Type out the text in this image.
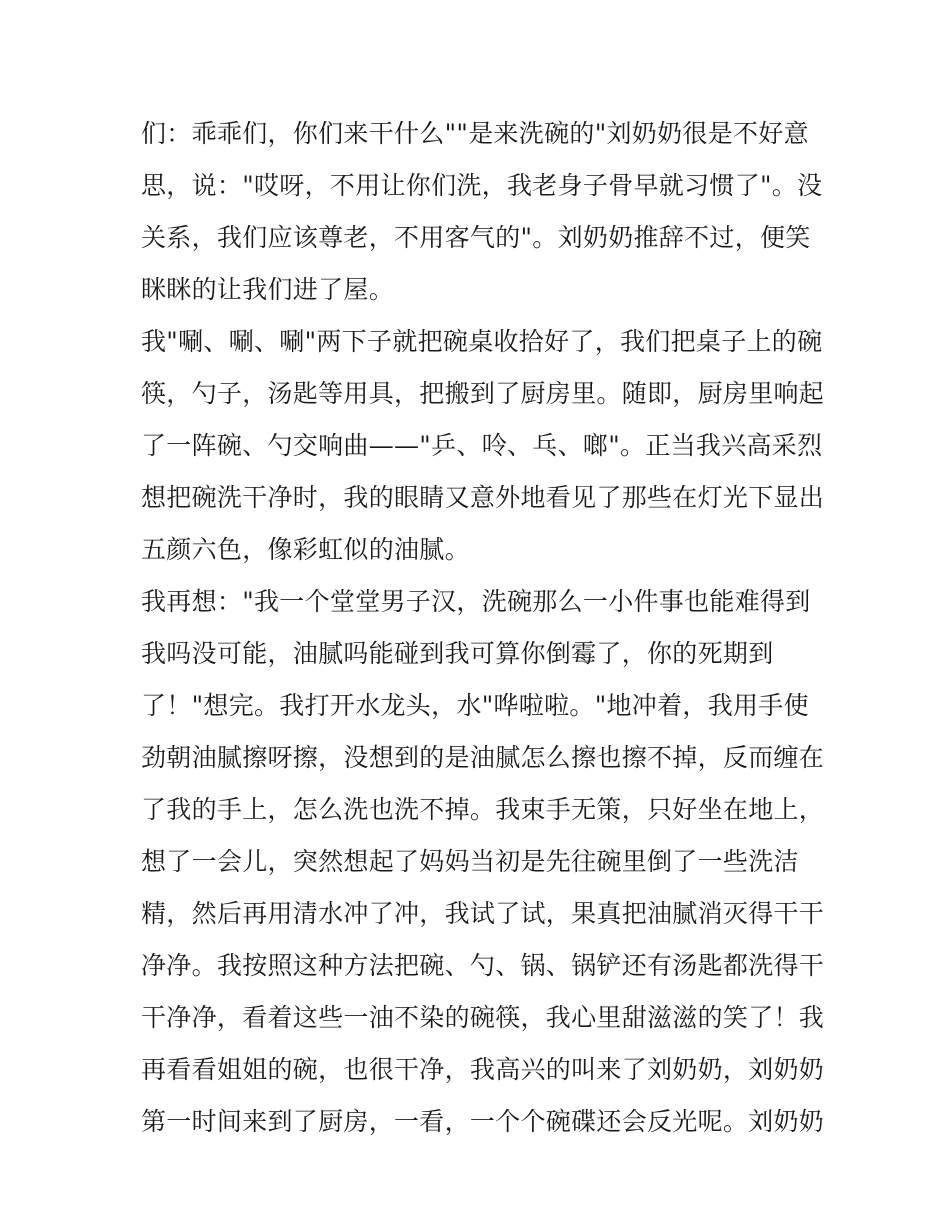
们：乖乖们，你们来干什么""是来洗碗的"刘奶奶很是不好意
思，说："哎呀，不用让你们洗，我老身子骨早就习惯了"。没
关系，我们应该尊老，不用客气的"。刘奶奶推辞不过，便笑
眯眯的让我们进了屋。
我"唰、唰、唰"两下子就把碗桌收拾好了，我们把桌子上的碗
筷，勺子，汤匙等用具，把搬到了厨房里。随即，厨房里响起
了一阵碗、勺交响曲——"乒、呤、乓、啷"。正当我兴高采烈
想把碗洗干净时，我的眼睛又意外地看见了那些在灯光下显出
五颜六色，像彩虹似的油腻。
我再想："我一个堂堂男子汉，洗碗那么一小件事也能难得到
我吗没可能，油腻吗能碰到我可算你倒霉了，你的死期到
了！"想完。我打开水龙头，水"哗啦啦。"地冲着，我用手使
劲朝油腻擦呀擦，没想到的是油腻怎么擦也擦不掉，反而缠在
了我的手上，怎么洗也洗不掉。我束手无策，只好坐在地上，
想了一会儿，突然想起了妈妈当初是先往碗里倒了一些洗洁
精，然后再用清水冲了冲，我试了试，果真把油腻消灭得干干
净净。我按照这种方法把碗、勺、锅、锅铲还有汤匙都洗得干
干净净，看着这些一油不染的碗筷，我心里甜滋滋的笑了！我
再看看姐姐的碗，也很干净，我高兴的叫来了刘奶奶，刘奶奶
第一时间来到了厨房，一看，一个个碗碟还会反光呢。刘奶奶
